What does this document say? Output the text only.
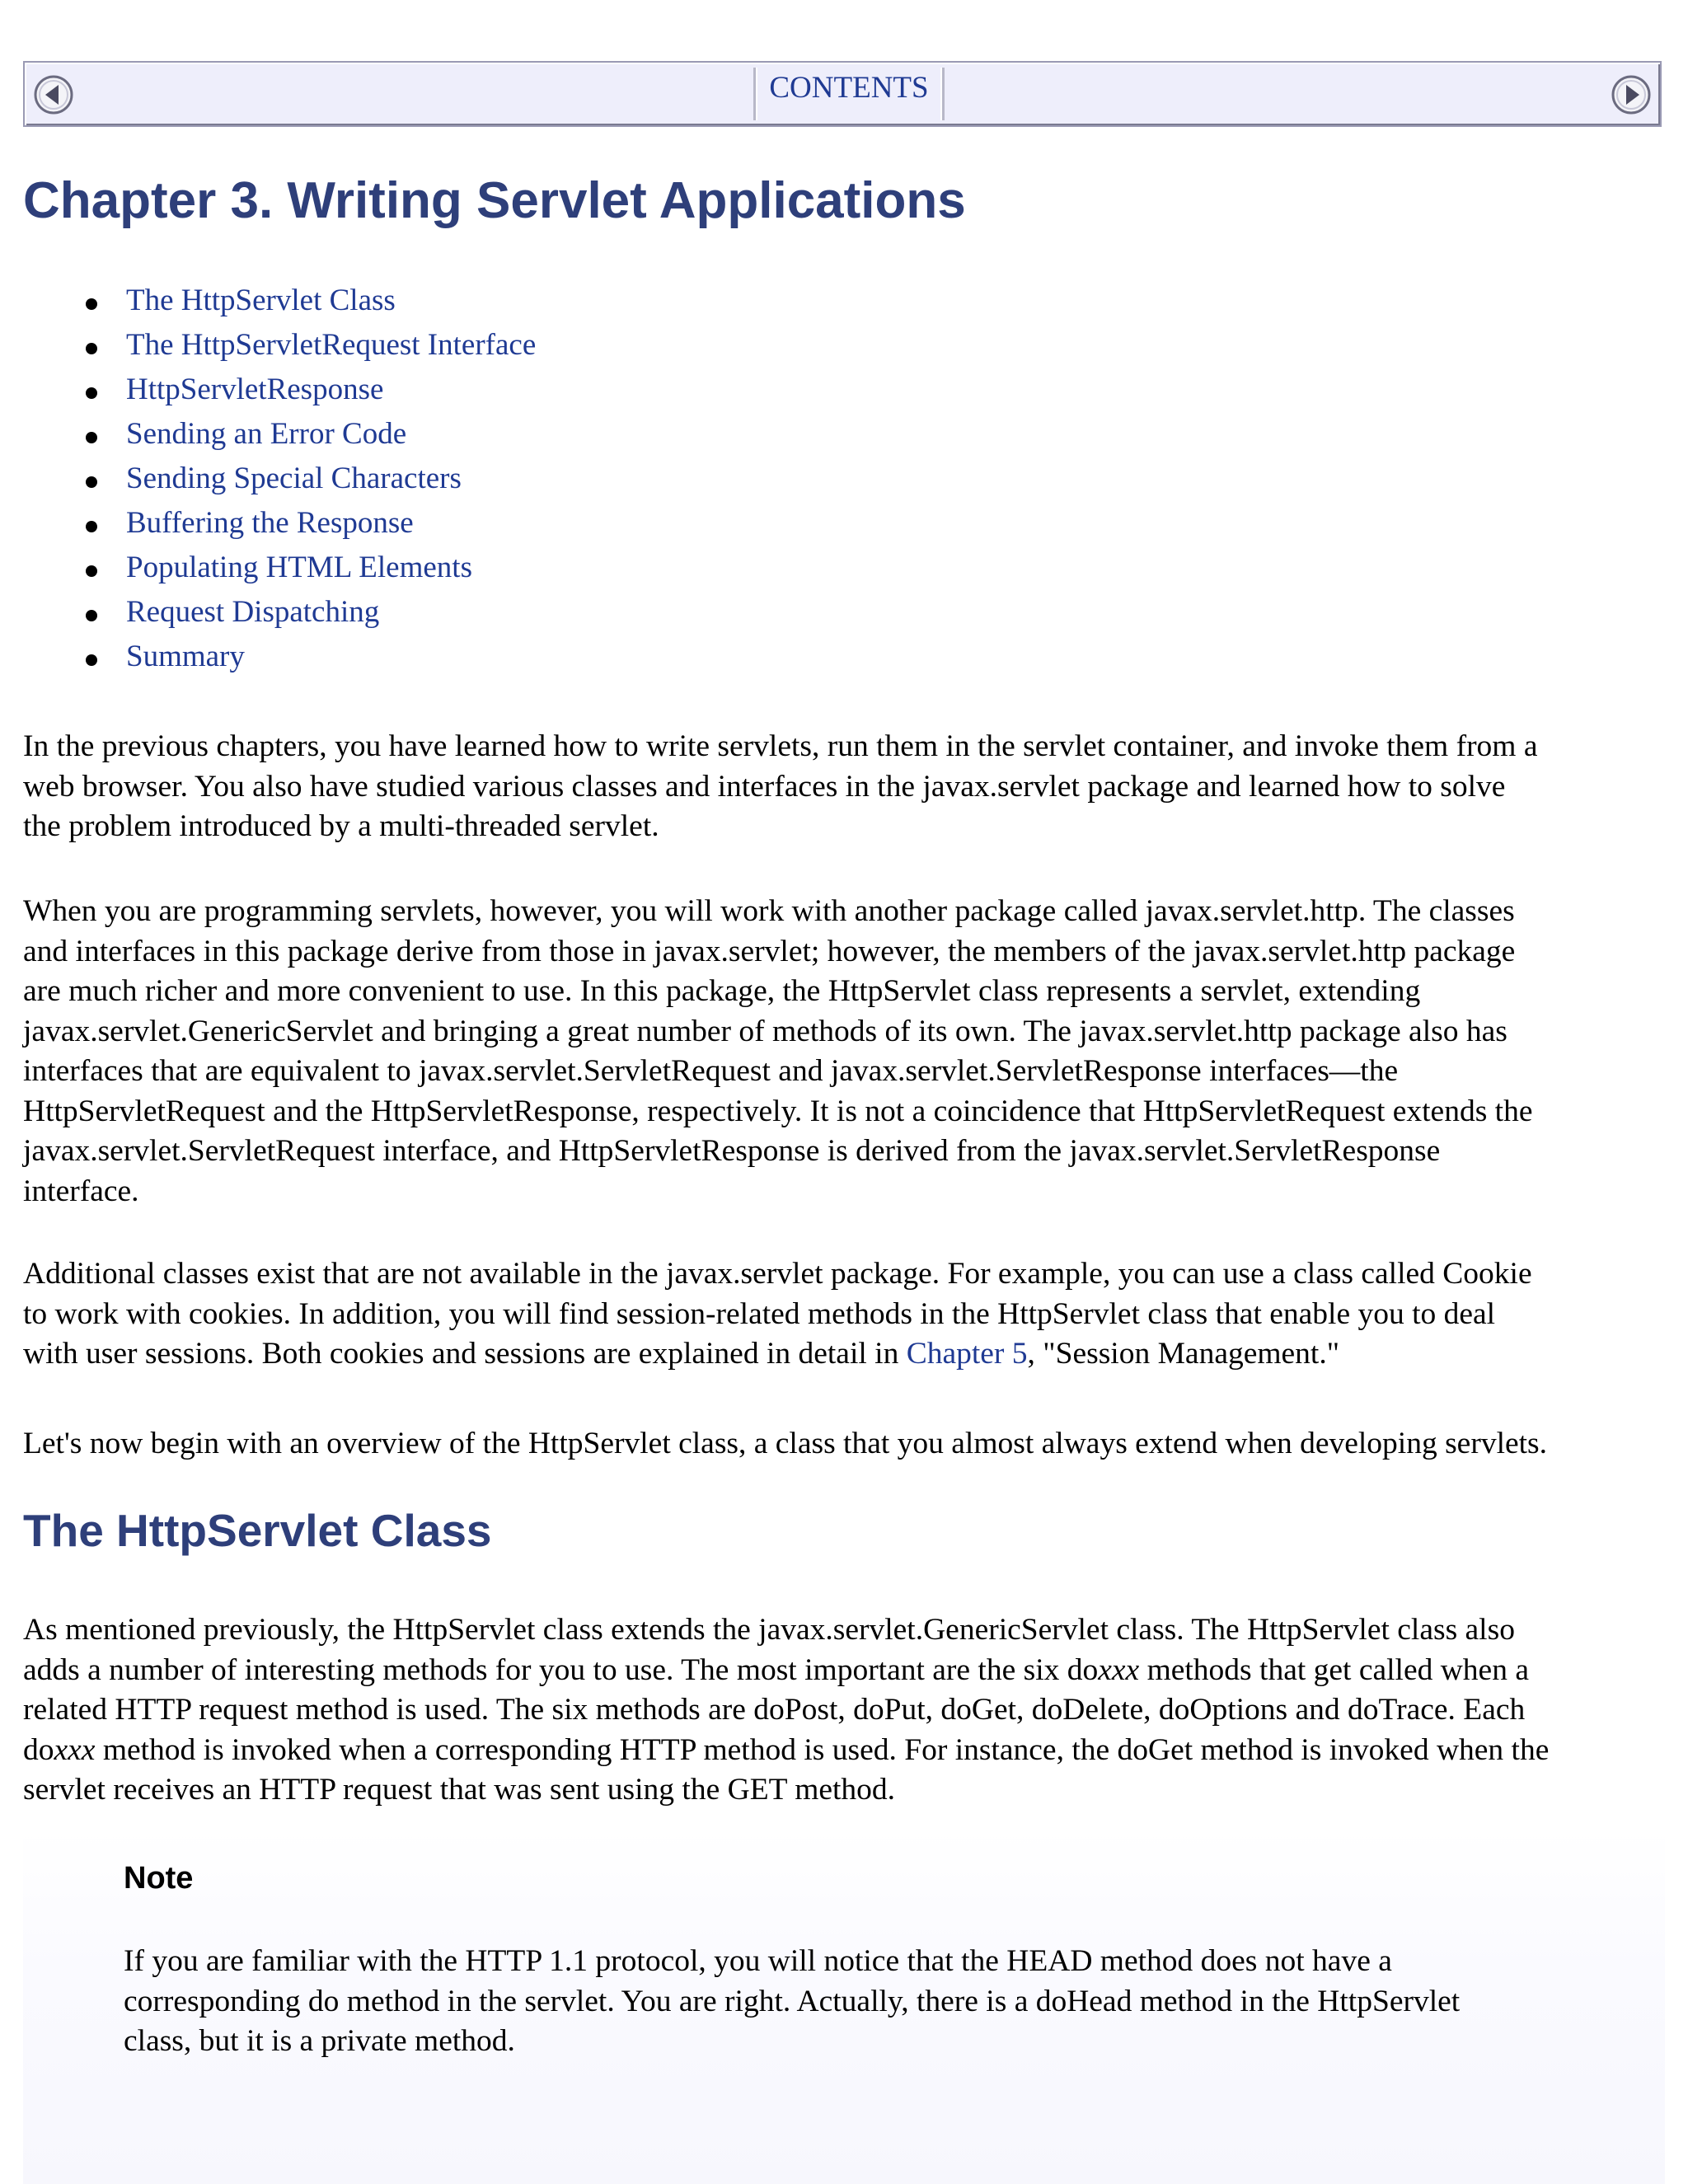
CONTENTS
Chapter 3. Writing Servlet Applications
The HttpServlet Class
The HttpServletRequest Interface
HttpServletResponse
Sending an Error Code
Sending Special Characters
Buffering the Response
Populating HTML Elements
Request Dispatching
Summary

In the previous chapters, you have learned how to write servlets, run them in the servlet container, and invoke them from a
web browser. You also have studied various classes and interfaces in the javax.servlet package and learned how to solve
the problem introduced by a multi-threaded servlet.

When you are programming servlets, however, you will work with another package called javax.servlet.http. The classes
and interfaces in this package derive from those in javax.servlet; however, the members of the javax.servlet.http package
are much richer and more convenient to use. In this package, the HttpServlet class represents a servlet, extending
javax.servlet.GenericServlet and bringing a great number of methods of its own. The javax.servlet.http package also has
interfaces that are equivalent to javax.servlet.ServletRequest and javax.servlet.ServletResponse interfaces—the
HttpServletRequest and the HttpServletResponse, respectively. It is not a coincidence that HttpServletRequest extends the
javax.servlet.ServletRequest interface, and HttpServletResponse is derived from the javax.servlet.ServletResponse
interface.

Additional classes exist that are not available in the javax.servlet package. For example, you can use a class called Cookie
to work with cookies. In addition, you will find session-related methods in the HttpServlet class that enable you to deal
with user sessions. Both cookies and sessions are explained in detail in Chapter 5, "Session Management."

Let's now begin with an overview of the HttpServlet class, a class that you almost always extend when developing servlets.

The HttpServlet Class

As mentioned previously, the HttpServlet class extends the javax.servlet.GenericServlet class. The HttpServlet class also
adds a number of interesting methods for you to use. The most important are the six doxxx methods that get called when a
related HTTP request method is used. The six methods are doPost, doPut, doGet, doDelete, doOptions and doTrace. Each
doxxx method is invoked when a corresponding HTTP method is used. For instance, the doGet method is invoked when the
servlet receives an HTTP request that was sent using the GET method.

Note

If you are familiar with the HTTP 1.1 protocol, you will notice that the HEAD method does not have a
corresponding do method in the servlet. You are right. Actually, there is a doHead method in the HttpServlet
class, but it is a private method.
